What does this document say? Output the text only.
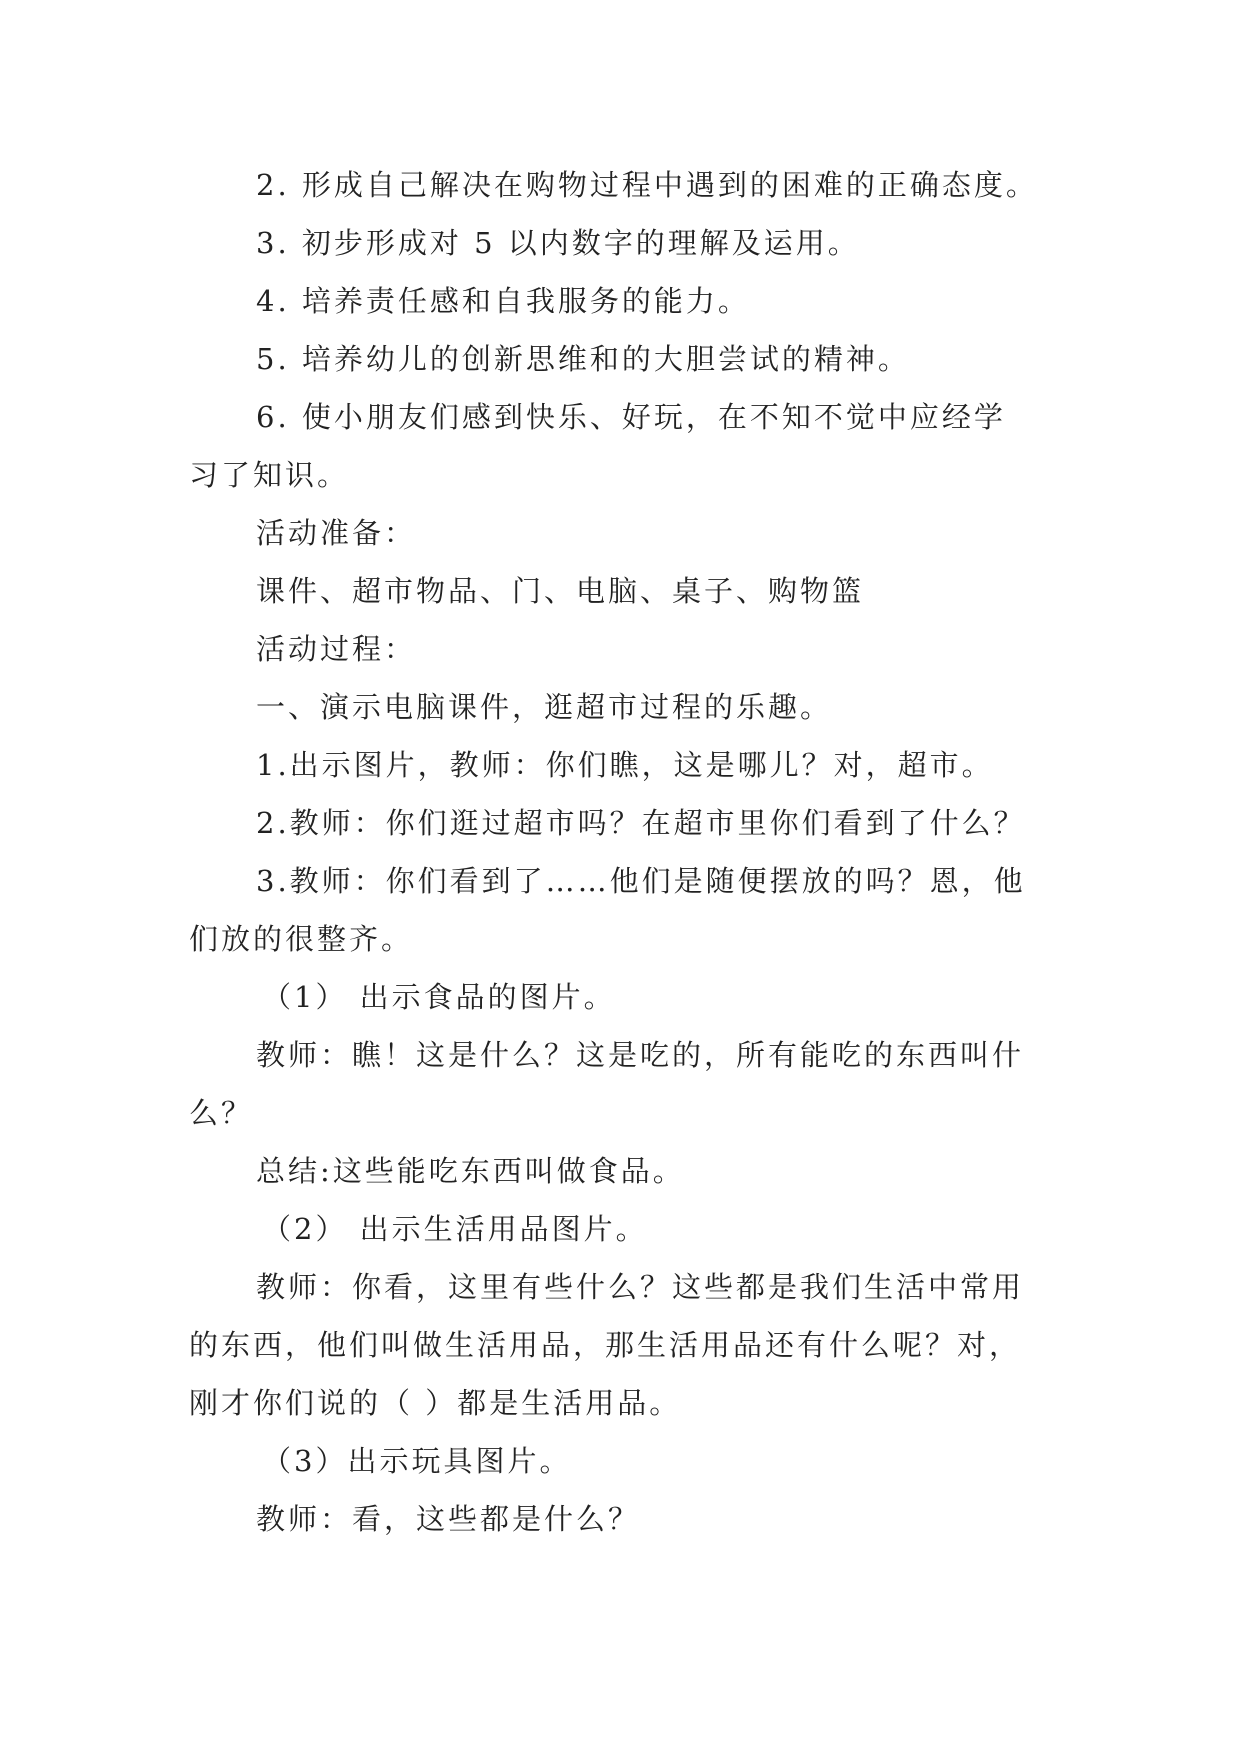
2. 形成自己解决在购物过程中遇到的困难的正确态度。
3. 初步形成对 5 以内数字的理解及运用。
4. 培养责任感和自我服务的能力。
5. 培养幼儿的创新思维和的大胆尝试的精神。
6. 使小朋友们感到快乐、好玩，在不知不觉中应经学
习了知识。
活动准备：
课件、超市物品、门、电脑、桌子、购物篮
活动过程：
一、演示电脑课件，逛超市过程的乐趣。
1.出示图片，教师：你们瞧，这是哪儿？对，超市。
2.教师：你们逛过超市吗？在超市里你们看到了什么？
3.教师：你们看到了……他们是随便摆放的吗？恩，他
们放的很整齐。
（1） 出示食品的图片。
教师：瞧！这是什么？这是吃的，所有能吃的东西叫什
么？
总结:这些能吃东西叫做食品。
（2） 出示生活用品图片。
教师：你看，这里有些什么？这些都是我们生活中常用
的东西，他们叫做生活用品，那生活用品还有什么呢？对，
刚才你们说的（ ）都是生活用品。
（3）出示玩具图片。
教师：看，这些都是什么？
